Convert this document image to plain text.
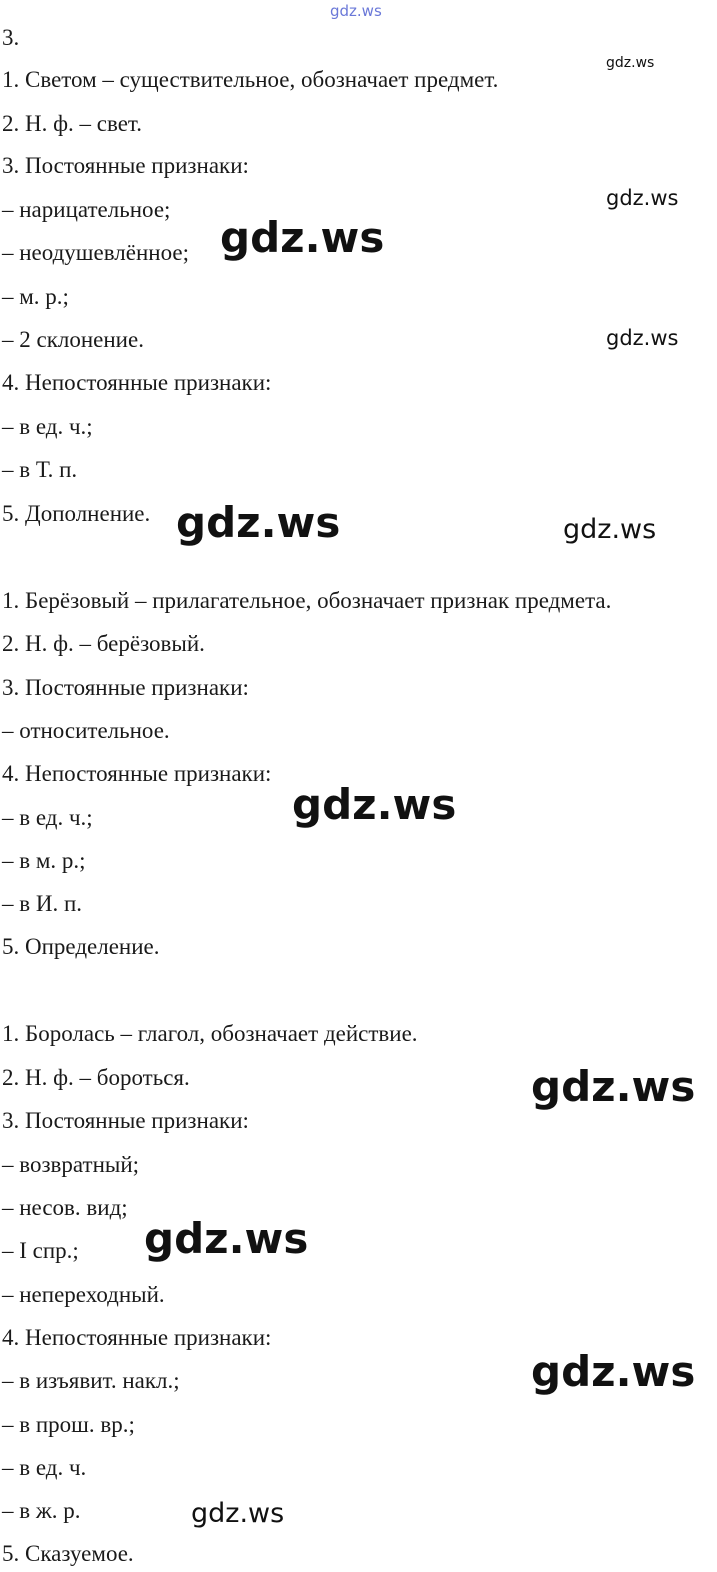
gdz.ws
3.
1. Светом – существительное, обозначает предмет.
2. Н. ф. – свет.
3. Постоянные признаки:
– нарицательное;
– неодушевлённое;
– м. р.;
– 2 склонение.
4. Непостоянные признаки:
– в ед. ч.;
– в Т. п.
5. Дополнение.
1. Берёзовый – прилагательное, обозначает признак предмета.
2. Н. ф. – берёзовый.
3. Постоянные признаки:
– относительное.
4. Непостоянные признаки:
– в ед. ч.;
– в м. р.;
– в И. п.
5. Определение.
1. Боролась – глагол, обозначает действие.
2. Н. ф. – бороться.
3. Постоянные признаки:
– возвратный;
– несов. вид;
– I спр.;
– непереходный.
4. Непостоянные признаки:
– в изъявит. накл.;
– в прош. вр.;
– в ед. ч.
– в ж. р.
5. Сказуемое.
gdz.ws
gdz.ws
gdz.ws
gdz.ws
gdz.ws	gdz.ws
gdz.ws
gdz.ws
gdz.ws
gdz.ws
gdz.ws
